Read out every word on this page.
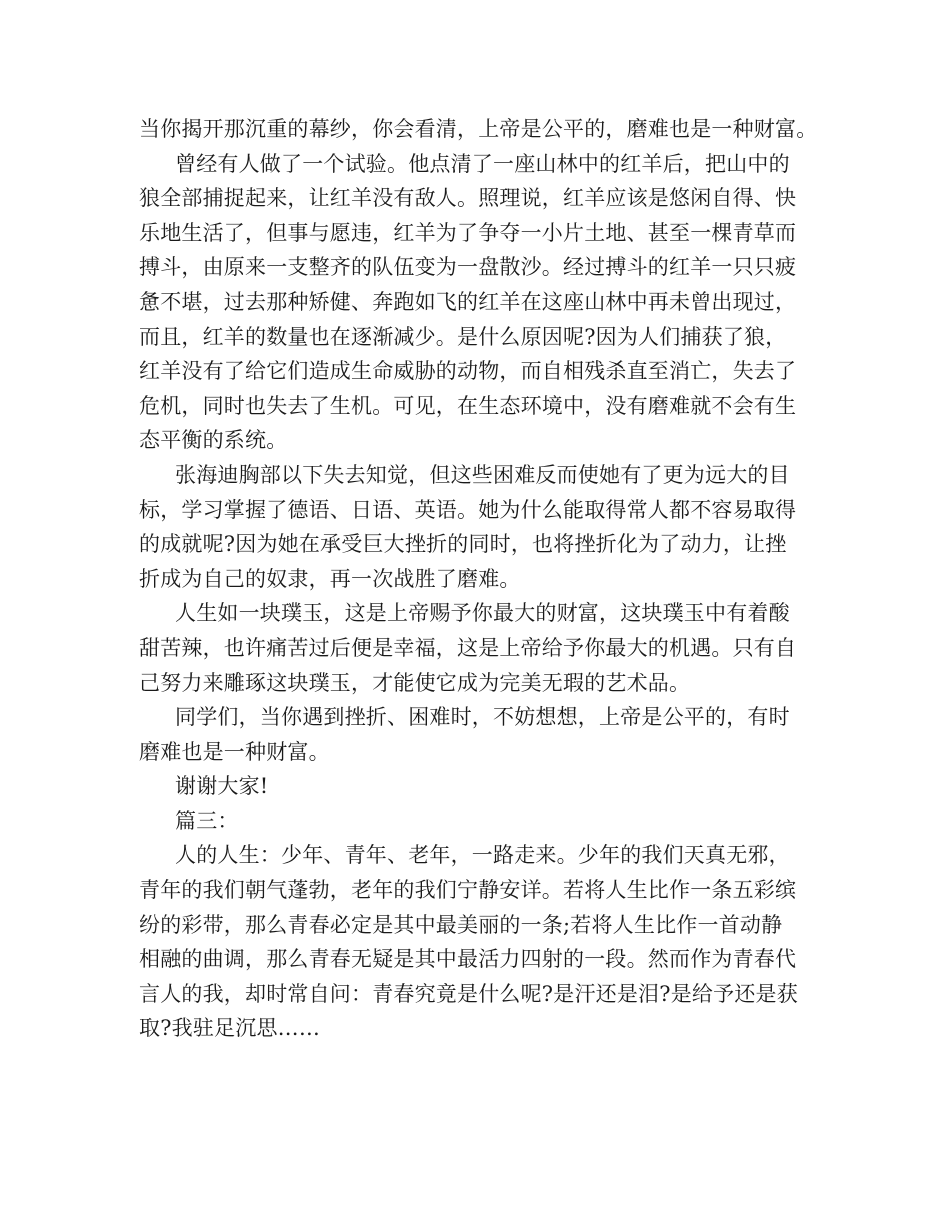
当你揭开那沉重的幕纱，你会看清，上帝是公平的，磨难也是一种财富。
曾经有人做了一个试验。他点清了一座山林中的红羊后，把山中的
狼全部捕捉起来，让红羊没有敌人。照理说，红羊应该是悠闲自得、快
乐地生活了，但事与愿违，红羊为了争夺一小片土地、甚至一棵青草而
搏斗，由原来一支整齐的队伍变为一盘散沙。经过搏斗的红羊一只只疲
惫不堪，过去那种矫健、奔跑如飞的红羊在这座山林中再未曾出现过，
而且，红羊的数量也在逐渐减少。是什么原因呢?因为人们捕获了狼，
红羊没有了给它们造成生命威胁的动物，而自相残杀直至消亡，失去了
危机，同时也失去了生机。可见，在生态环境中，没有磨难就不会有生
态平衡的系统。
张海迪胸部以下失去知觉，但这些困难反而使她有了更为远大的目
标，学习掌握了德语、日语、英语。她为什么能取得常人都不容易取得
的成就呢?因为她在承受巨大挫折的同时，也将挫折化为了动力，让挫
折成为自己的奴隶，再一次战胜了磨难。
人生如一块璞玉，这是上帝赐予你最大的财富，这块璞玉中有着酸
甜苦辣，也许痛苦过后便是幸福，这是上帝给予你最大的机遇。只有自
己努力来雕琢这块璞玉，才能使它成为完美无瑕的艺术品。
同学们，当你遇到挫折、困难时，不妨想想，上帝是公平的，有时
磨难也是一种财富。
谢谢大家!
篇三：
人的人生：少年、青年、老年，一路走来。少年的我们天真无邪，
青年的我们朝气蓬勃，老年的我们宁静安详。若将人生比作一条五彩缤
纷的彩带，那么青春必定是其中最美丽的一条;若将人生比作一首动静
相融的曲调，那么青春无疑是其中最活力四射的一段。然而作为青春代
言人的我，却时常自问：青春究竟是什么呢?是汗还是泪?是给予还是获
取?我驻足沉思……
